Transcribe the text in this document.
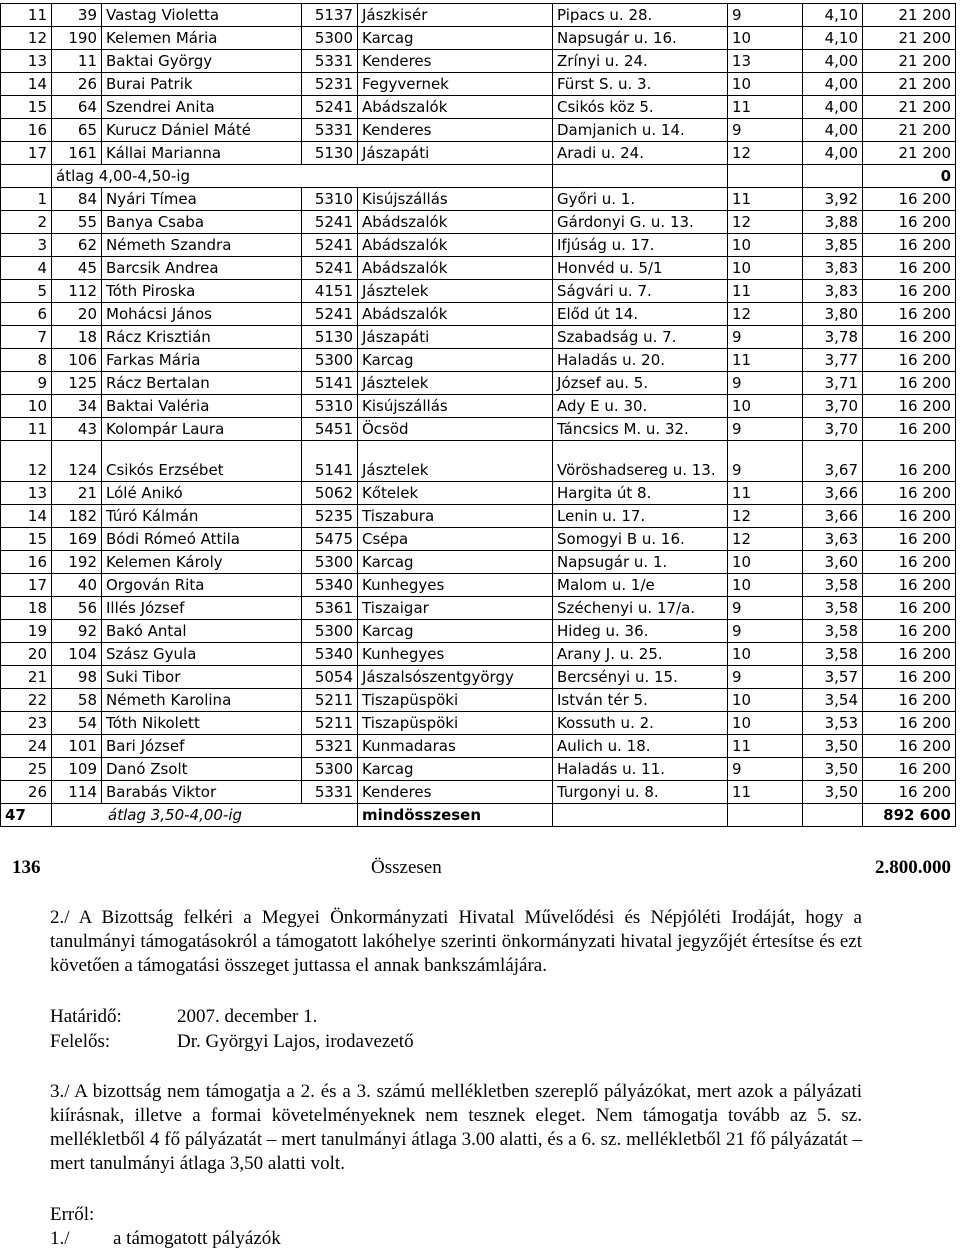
11	39	Vastag Violetta	5137	Jászkisér	Pipacs u. 28.	9	4,10	21 200
12	190	Kelemen Mária	5300	Karcag	Napsugár u. 16.	10	4,10	21 200
13	11	Baktai György	5331	Kenderes	Zrínyi u. 24.	13	4,00	21 200
14	26	Burai Patrik	5231	Fegyvernek	Fürst S. u. 3.	10	4,00	21 200
15	64	Szendrei Anita	5241	Abádszalók	Csikós köz 5.	11	4,00	21 200
16	65	Kurucz Dániel Máté	5331	Kenderes	Damjanich u. 14.	9	4,00	21 200
17	161	Kállai Marianna	5130	Jászapáti	Aradi u. 24.	12	4,00	21 200
	átlag 4,00-4,50-ig							0
1	84	Nyári Tímea	5310	Kisújszállás	Győri u. 1.	11	3,92	16 200
2	55	Banya Csaba	5241	Abádszalók	Gárdonyi G. u. 13.	12	3,88	16 200
3	62	Németh Szandra	5241	Abádszalók	Ifjúság u. 17.	10	3,85	16 200
4	45	Barcsik Andrea	5241	Abádszalók	Honvéd u. 5/1	10	3,83	16 200
5	112	Tóth Piroska	4151	Jásztelek	Ságvári u. 7.	11	3,83	16 200
6	20	Mohácsi János	5241	Abádszalók	Előd út 14.	12	3,80	16 200
7	18	Rácz Krisztián	5130	Jászapáti	Szabadság u. 7.	9	3,78	16 200
8	106	Farkas Mária	5300	Karcag	Haladás u. 20.	11	3,77	16 200
9	125	Rácz Bertalan	5141	Jásztelek	József au. 5.	9	3,71	16 200
10	34	Baktai Valéria	5310	Kisújszállás	Ady E u. 30.	10	3,70	16 200
11	43	Kolompár Laura	5451	Öcsöd	Táncsics M. u. 32.	9	3,70	16 200
12	124	Csikós Erzsébet	5141	Jásztelek	Vöröshadsereg u. 13.	9	3,67	16 200
13	21	Lólé Anikó	5062	Kőtelek	Hargita út 8.	11	3,66	16 200
14	182	Túró Kálmán	5235	Tiszabura	Lenin u. 17.	12	3,66	16 200
15	169	Bódi Rómeó Attila	5475	Csépa	Somogyi B u. 16.	12	3,63	16 200
16	192	Kelemen Károly	5300	Karcag	Napsugár u. 1.	10	3,60	16 200
17	40	Orgován Rita	5340	Kunhegyes	Malom u. 1/e	10	3,58	16 200
18	56	Illés József	5361	Tiszaigar	Széchenyi u. 17/a.	9	3,58	16 200
19	92	Bakó Antal	5300	Karcag	Hideg u. 36.	9	3,58	16 200
20	104	Szász Gyula	5340	Kunhegyes	Arany J. u. 25.	10	3,58	16 200
21	98	Suki Tibor	5054	Jászalsószentgyörgy	Bercsényi u. 15.	9	3,57	16 200
22	58	Németh Karolina	5211	Tiszapüspöki	István tér 5.	10	3,54	16 200
23	54	Tóth Nikolett	5211	Tiszapüspöki	Kossuth u. 2.	10	3,53	16 200
24	101	Bari József	5321	Kunmadaras	Aulich u. 18.	11	3,50	16 200
25	109	Danó Zsolt	5300	Karcag	Haladás u. 11.	9	3,50	16 200
26	114	Barabás Viktor	5331	Kenderes	Turgonyi u. 8.	11	3,50	16 200
47	átlag 3,50-4,00-ig			mindösszesen				892 600
136	Összesen	2.800.000

2./ A Bizottság felkéri a Megyei Önkormányzati Hivatal Művelődési és Népjóléti Irodáját, hogy a tanulmányi támogatásokról a támogatott lakóhelye szerinti önkormányzati hivatal jegyzőjét értesítse és ezt követően a támogatási összeget juttassa el annak bankszámlájára.

Határidő:	2007. december 1.

Felelős:	Dr. Györgyi Lajos, irodavezető

3./ A bizottság nem támogatja a 2. és a 3. számú mellékletben szereplő pályázókat, mert azok a pályázati kiírásnak, illetve a formai követelményeknek nem tesznek eleget. Nem támogatja tovább az 5. sz. mellékletből 4 fő pályázatát – mert tanulmányi átlaga 3.00 alatti, és a 6. sz. mellékletből 21 fő pályázatát – mert tanulmányi átlaga 3,50 alatti volt.

Erről:

1./ a támogatott pályázók
